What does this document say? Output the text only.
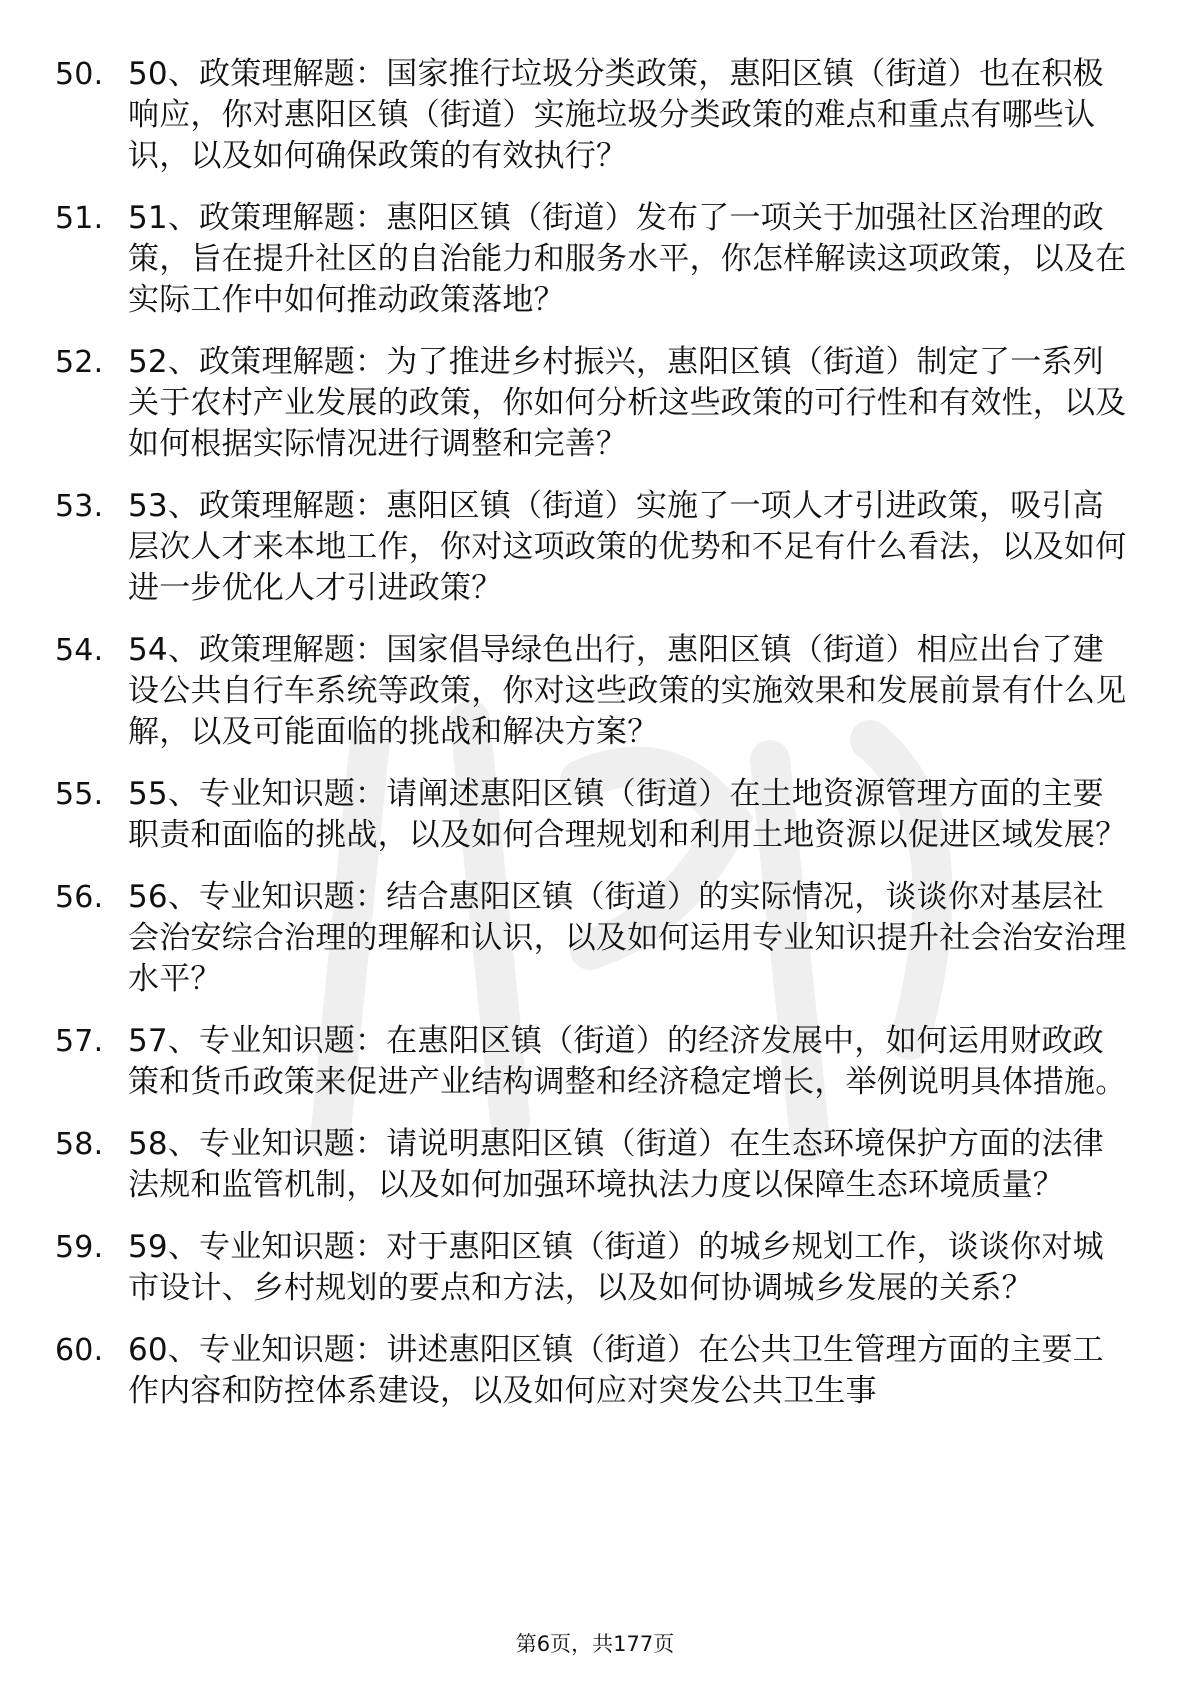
50. 50、政策理解题：国家推行垃圾分类政策，惠阳区镇（街道）也在积极响应，你对惠阳区镇（街道）实施垃圾分类政策的难点和重点有哪些认识，以及如何确保政策的有效执行？
51. 51、政策理解题：惠阳区镇（街道）发布了一项关于加强社区治理的政策，旨在提升社区的自治能力和服务水平，你怎样解读这项政策，以及在实际工作中如何推动政策落地？
52. 52、政策理解题：为了推进乡村振兴，惠阳区镇（街道）制定了一系列关于农村产业发展的政策，你如何分析这些政策的可行性和有效性，以及如何根据实际情况进行调整和完善？
53. 53、政策理解题：惠阳区镇（街道）实施了一项人才引进政策，吸引高层次人才来本地工作，你对这项政策的优势和不足有什么看法，以及如何进一步优化人才引进政策？
54. 54、政策理解题：国家倡导绿色出行，惠阳区镇（街道）相应出台了建设公共自行车系统等政策，你对这些政策的实施效果和发展前景有什么见解，以及可能面临的挑战和解决方案？
55. 55、专业知识题：请阐述惠阳区镇（街道）在土地资源管理方面的主要职责和面临的挑战，以及如何合理规划和利用土地资源以促进区域发展？
56. 56、专业知识题：结合惠阳区镇（街道）的实际情况，谈谈你对基层社会治安综合治理的理解和认识，以及如何运用专业知识提升社会治安治理水平？
57. 57、专业知识题：在惠阳区镇（街道）的经济发展中，如何运用财政政策和货币政策来促进产业结构调整和经济稳定增长，举例说明具体措施。
58. 58、专业知识题：请说明惠阳区镇（街道）在生态环境保护方面的法律法规和监管机制，以及如何加强环境执法力度以保障生态环境质量？
59. 59、专业知识题：对于惠阳区镇（街道）的城乡规划工作，谈谈你对城市设计、乡村规划的要点和方法，以及如何协调城乡发展的关系？
60. 60、专业知识题：讲述惠阳区镇（街道）在公共卫生管理方面的主要工作内容和防控体系建设，以及如何应对突发公共卫生事
第6页，共177页
